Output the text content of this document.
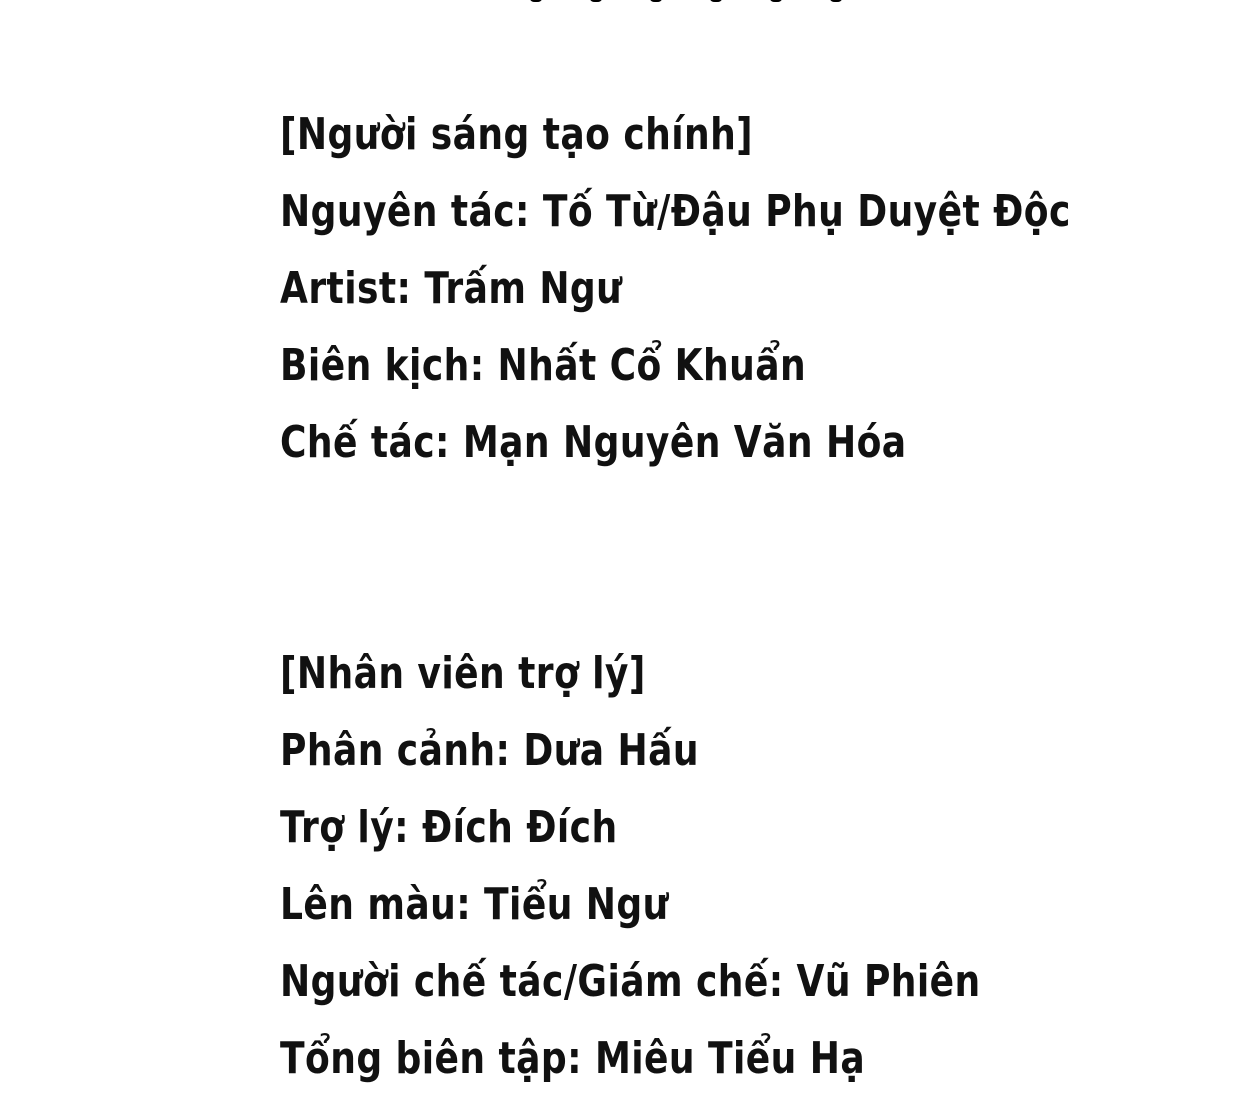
[Người sáng tạo chính]
Nguyên tác: Tố Từ/Đậu Phụ Duyệt Độc
Artist: Trấm Ngư
Biên kịch: Nhất Cổ Khuẩn
Chế tác: Mạn Nguyên Văn Hóa
[Nhân viên trợ lý]
Phân cảnh: Dưa Hấu
Trợ lý: Đích Đích
Lên màu: Tiểu Ngư
Người chế tác/Giám chế: Vũ Phiên
Tổng biên tập: Miêu Tiểu Hạ
